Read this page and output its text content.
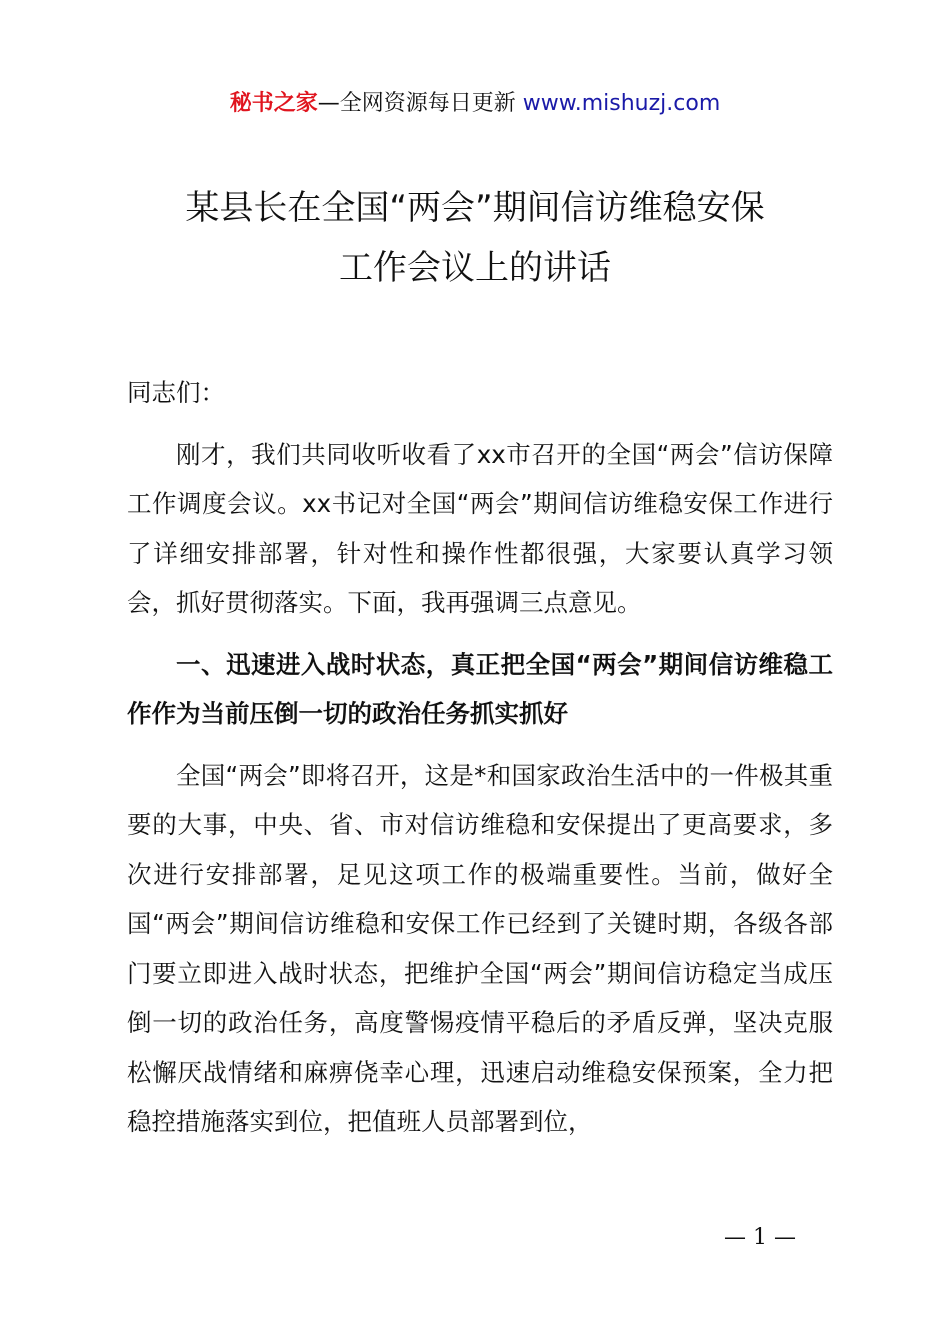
秘书之家—全网资源每日更新 www.mishuzj.com
某县长在全国“两会”期间信访维稳安保
工作会议上的讲话

同志们：

刚才，我们共同收听收看了xx市召开的全国“两会”信访保障工作调度会议。xx书记对全国“两会”期间信访维稳安保工作进行了详细安排部署，针对性和操作性都很强，大家要认真学习领会，抓好贯彻落实。下面，我再强调三点意见。

一、迅速进入战时状态，真正把全国“两会”期间信访维稳工作作为当前压倒一切的政治任务抓实抓好

全国“两会”即将召开，这是*和国家政治生活中的一件极其重要的大事，中央、省、市对信访维稳和安保提出了更高要求，多次进行安排部署，足见这项工作的极端重要性。当前，做好全国“两会”期间信访维稳和安保工作已经到了关键时期，各级各部门要立即进入战时状态，把维护全国“两会”期间信访稳定当成压倒一切的政治任务，高度警惕疫情平稳后的矛盾反弹，坚决克服松懈厌战情绪和麻痹侥幸心理，迅速启动维稳安保预案，全力把稳控措施落实到位，把值班人员部署到位，

— 1 —
